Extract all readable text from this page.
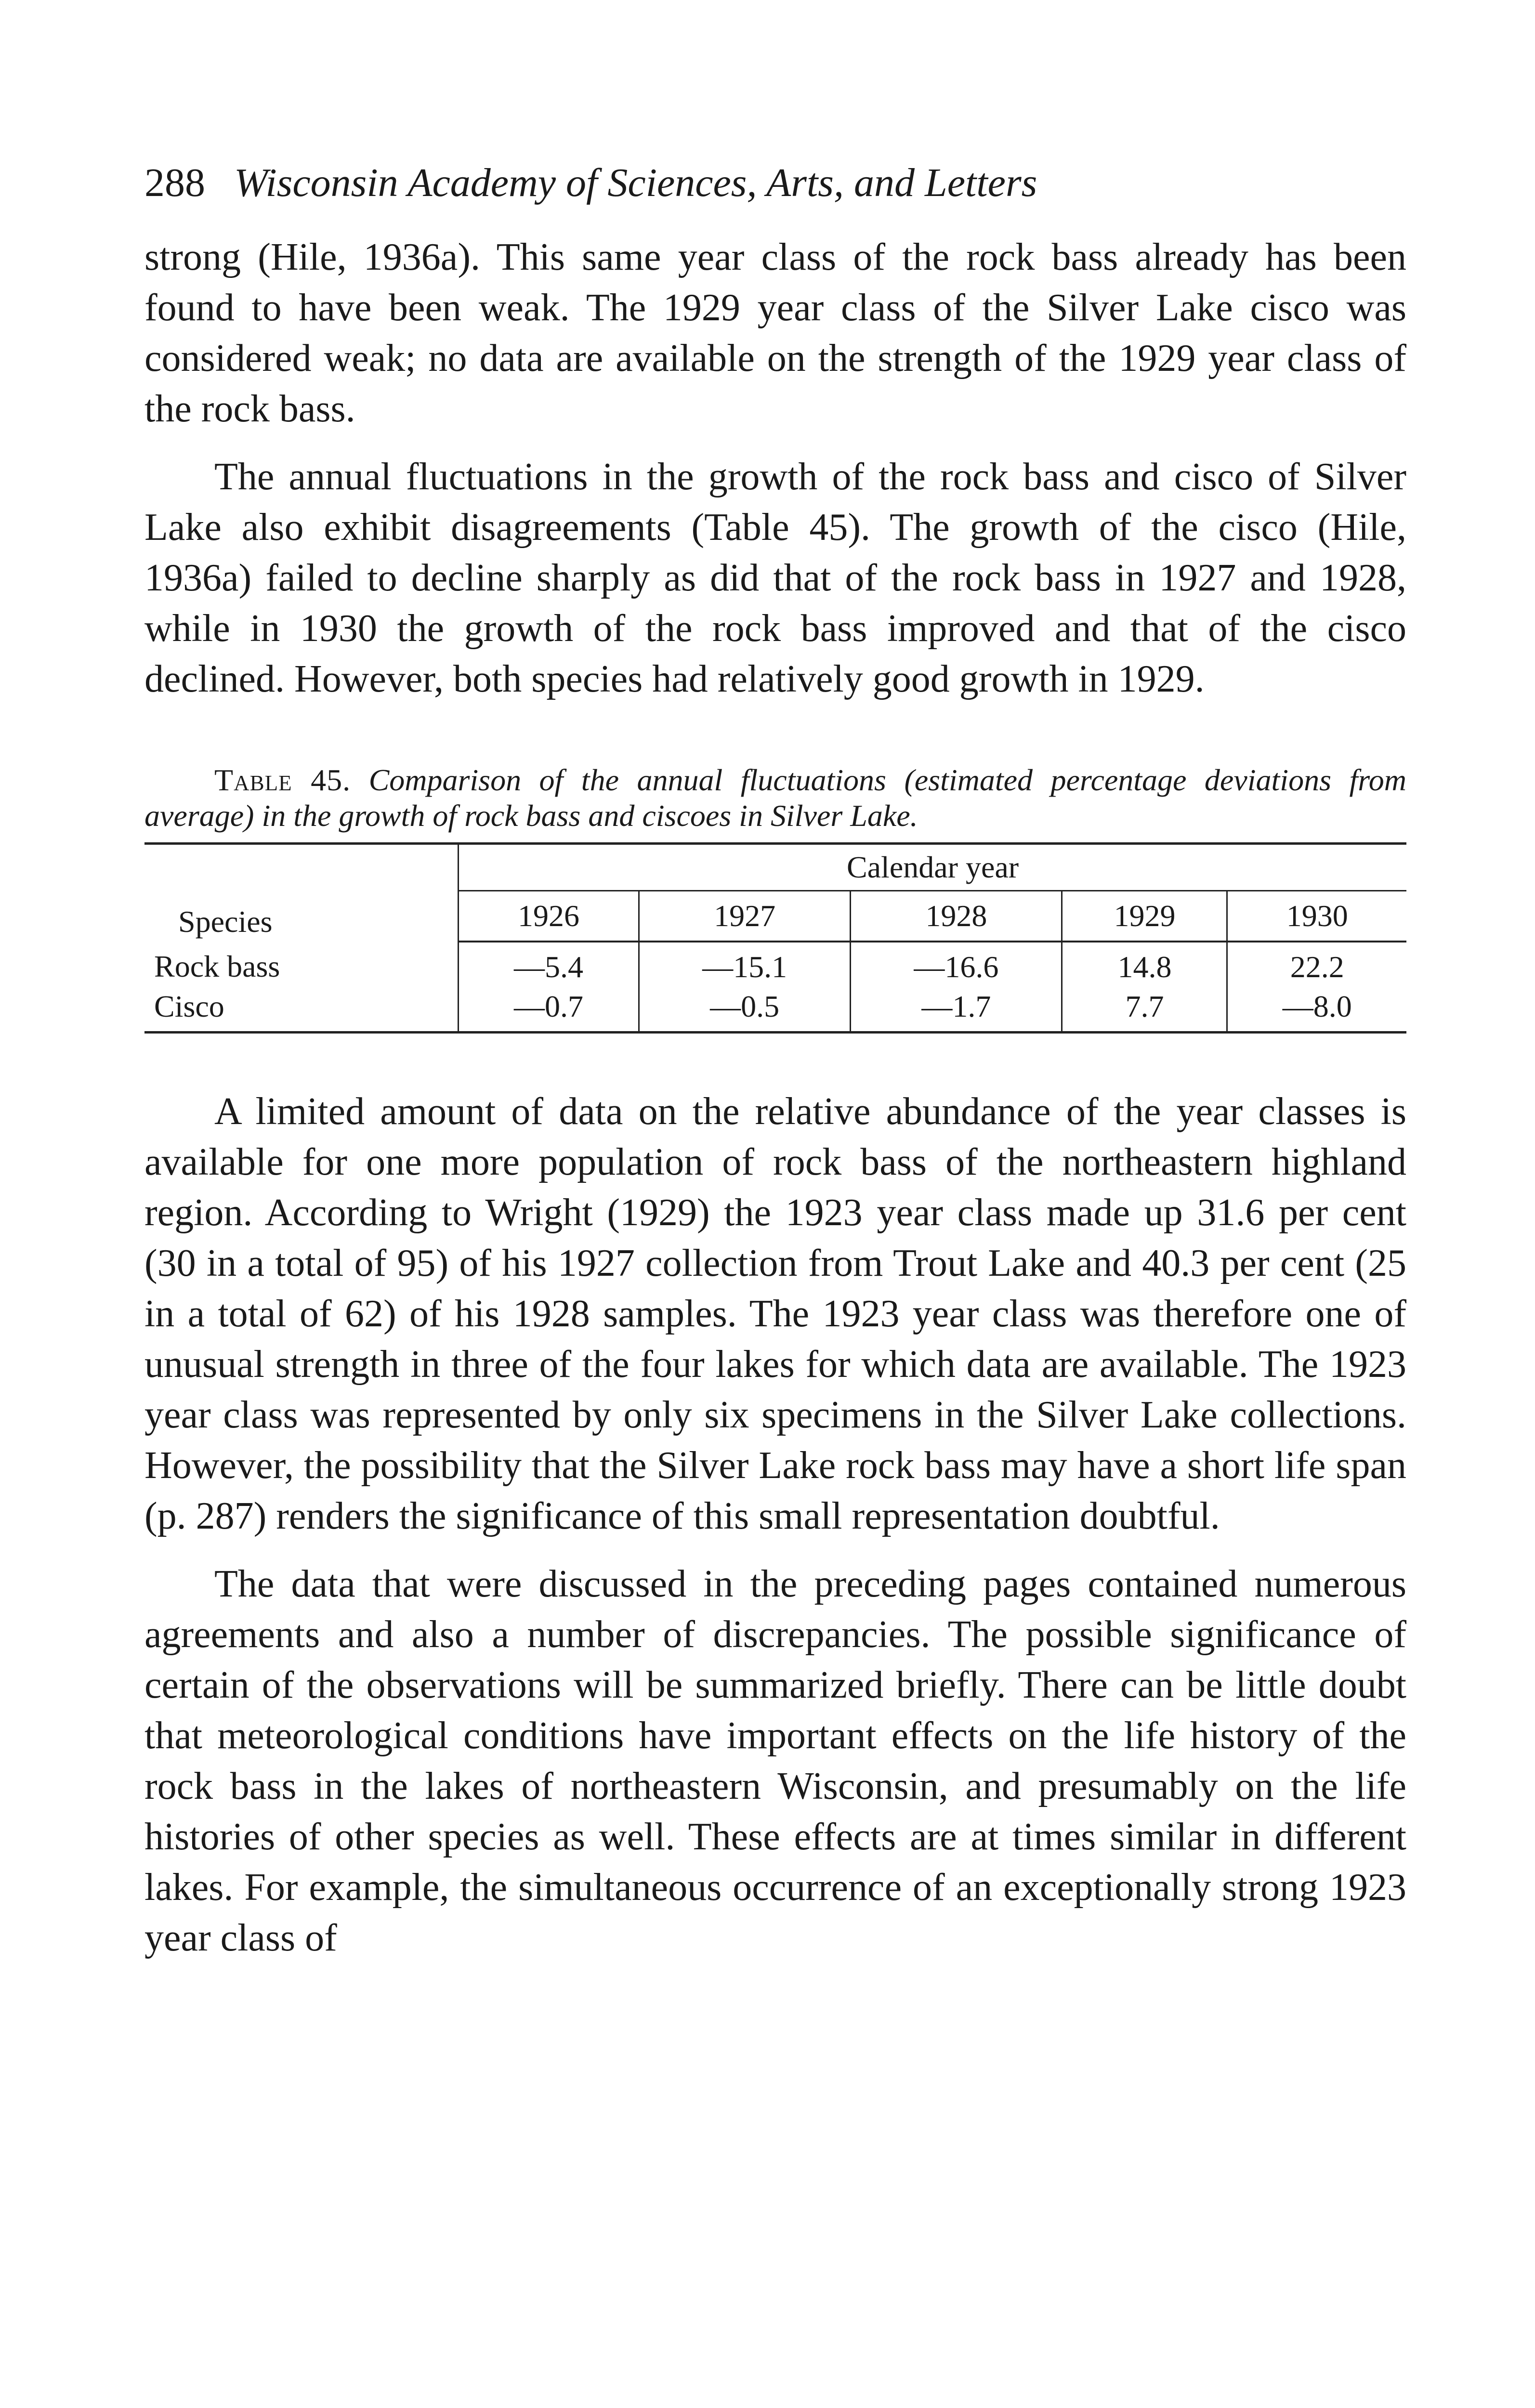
288 Wisconsin Academy of Sciences, Arts, and Letters

strong (Hile, 1936a). This same year class of the rock bass already has been found to have been weak. The 1929 year class of the Silver Lake cisco was considered weak; no data are available on the strength of the 1929 year class of the rock bass.

The annual fluctuations in the growth of the rock bass and cisco of Silver Lake also exhibit disagreements (Table 45). The growth of the cisco (Hile, 1936a) failed to decline sharply as did that of the rock bass in 1927 and 1928, while in 1930 the growth of the rock bass improved and that of the cisco declined. However, both species had relatively good growth in 1929.

Table 45. Comparison of the annual fluctuations (estimated percentage deviations from average) in the growth of rock bass and ciscoes in Silver Lake.
Species	Calendar year				
	1926	1927	1928	1929	1930
Rock bass	—5.4	—15.1	—16.6	14.8	22.2
Cisco	—0.7	—0.5	—1.7	7.7	—8.0

A limited amount of data on the relative abundance of the year classes is available for one more population of rock bass of the northeastern highland region. According to Wright (1929) the 1923 year class made up 31.6 per cent (30 in a total of 95) of his 1927 collection from Trout Lake and 40.3 per cent (25 in a total of 62) of his 1928 samples. The 1923 year class was therefore one of unusual strength in three of the four lakes for which data are available. The 1923 year class was represented by only six specimens in the Silver Lake collections. However, the possibility that the Silver Lake rock bass may have a short life span (p. 287) renders the significance of this small representation doubtful.

The data that were discussed in the preceding pages contained numerous agreements and also a number of discrepancies. The possible significance of certain of the observations will be summarized briefly. There can be little doubt that meteorological conditions have important effects on the life history of the rock bass in the lakes of northeastern Wisconsin, and presumably on the life histories of other species as well. These effects are at times similar in different lakes. For example, the simultaneous occurrence of an exceptionally strong 1923 year class of
